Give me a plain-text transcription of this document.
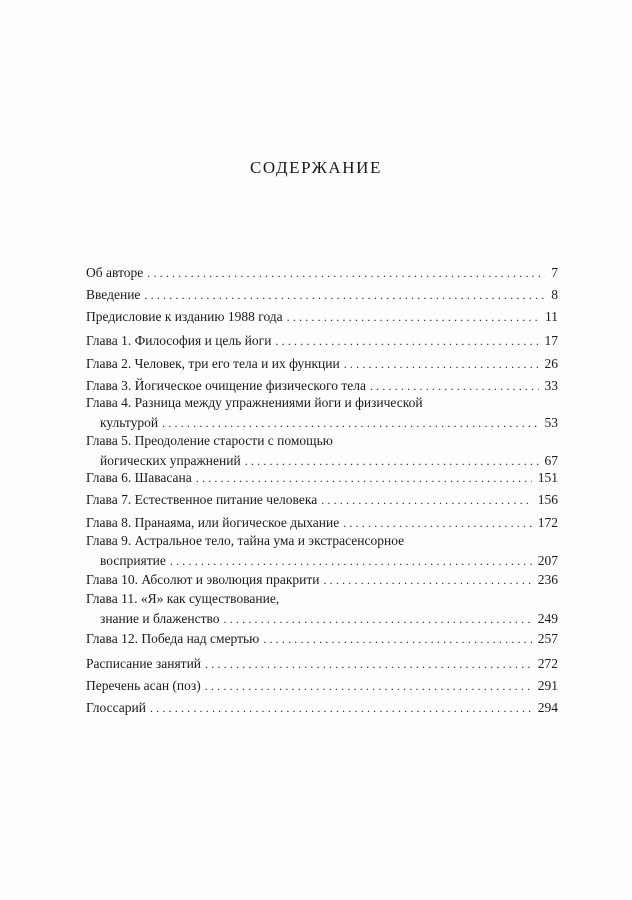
СОДЕРЖАНИЕ
Об авторе .....	7
Введение .....	8
Предисловие к изданию 1988 года .....	11
Глава 1. Философия и цель йоги .....	17
Глава 2. Человек, три его тела и их функции .....	26
Глава 3. Йогическое очищение физического тела .....	33
Глава 4. Разница между упражнениями йоги и физической
культурой .....	53
Глава 5. Преодоление старости с помощью
йогических упражнений .....	67
Глава 6. Шавасана .....	151
Глава 7. Естественное питание человека .....	156
Глава 8. Пранаяма, или йогическое дыхание .....	172
Глава 9. Астральное тело, тайна ума и экстрасенсорное
восприятие .....	207
Глава 10. Абсолют и эволюция пракрити .....	236
Глава 11. «Я» как существование,
знание и блаженство .....	249
Глава 12. Победа над смертью .....	257
Расписание занятий .....	272
Перечень асан (поз) .....	291
Глоссарий .....	294
